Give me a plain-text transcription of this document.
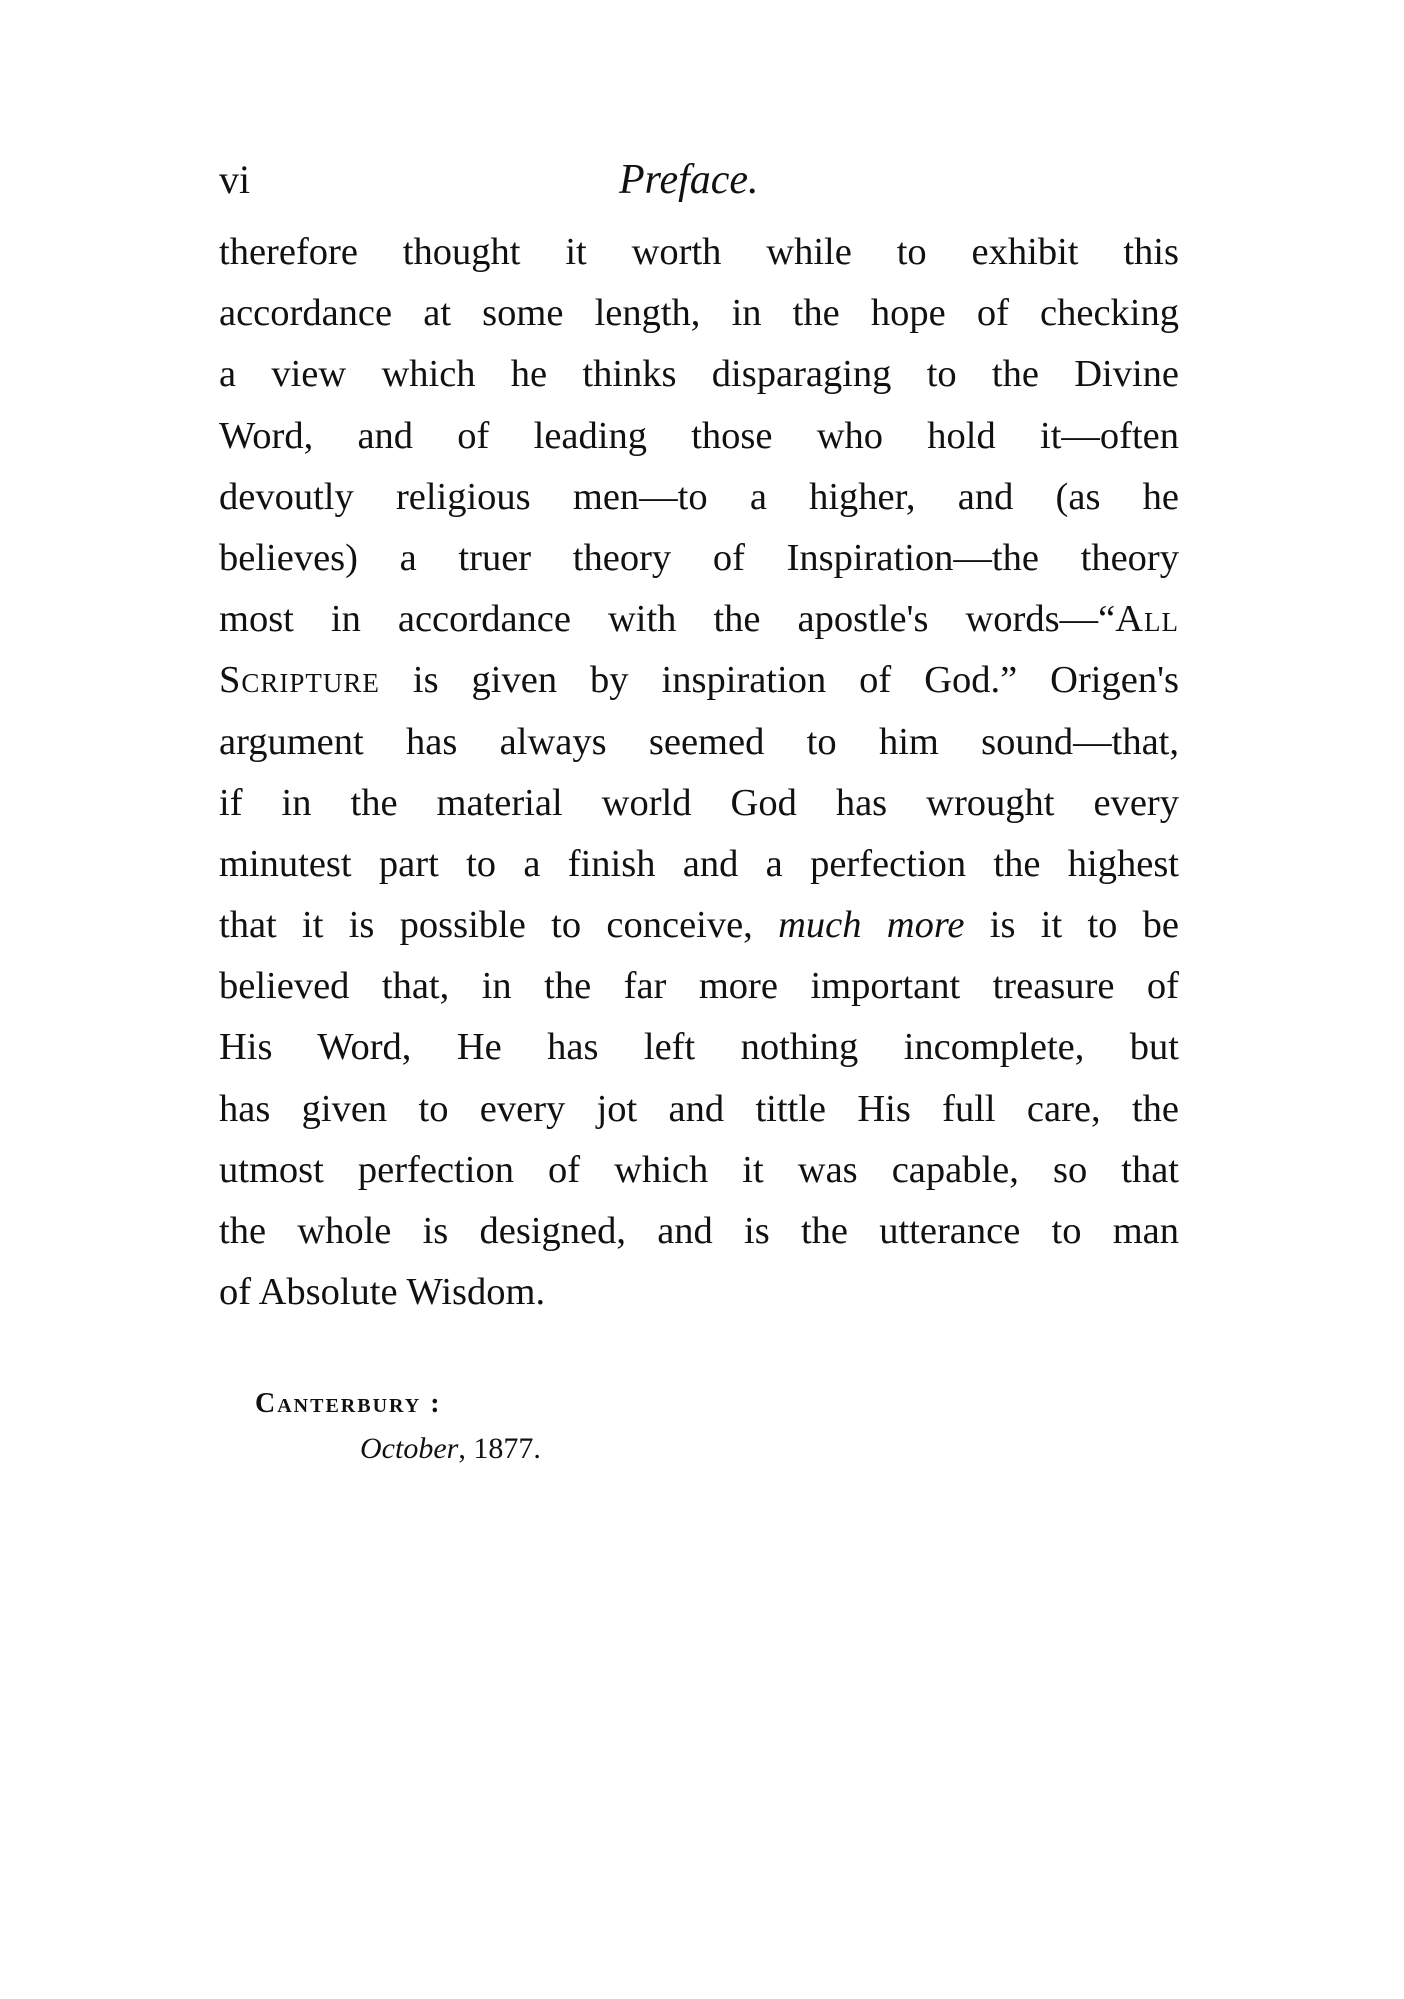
vi	Preface.
therefore thought it worth while to exhibit this
accordance at some length, in the hope of checking
a view which he thinks disparaging to the Divine
Word, and of leading those who hold it—often
devoutly religious men—to a higher, and (as he
believes) a truer theory of Inspiration—the theory
most in accordance with the apostle's words—“All
Scripture is given by inspiration of God.” Origen's
argument has always seemed to him sound—that,
if in the material world God has wrought every
minutest part to a finish and a perfection the highest
that it is possible to conceive, much more is it to be
believed that, in the far more important treasure of
His Word, He has left nothing incomplete, but
has given to every jot and tittle His full care, the
utmost perfection of which it was capable, so that
the whole is designed, and is the utterance to man
of Absolute Wisdom.
Canterbury :
October, 1877.
